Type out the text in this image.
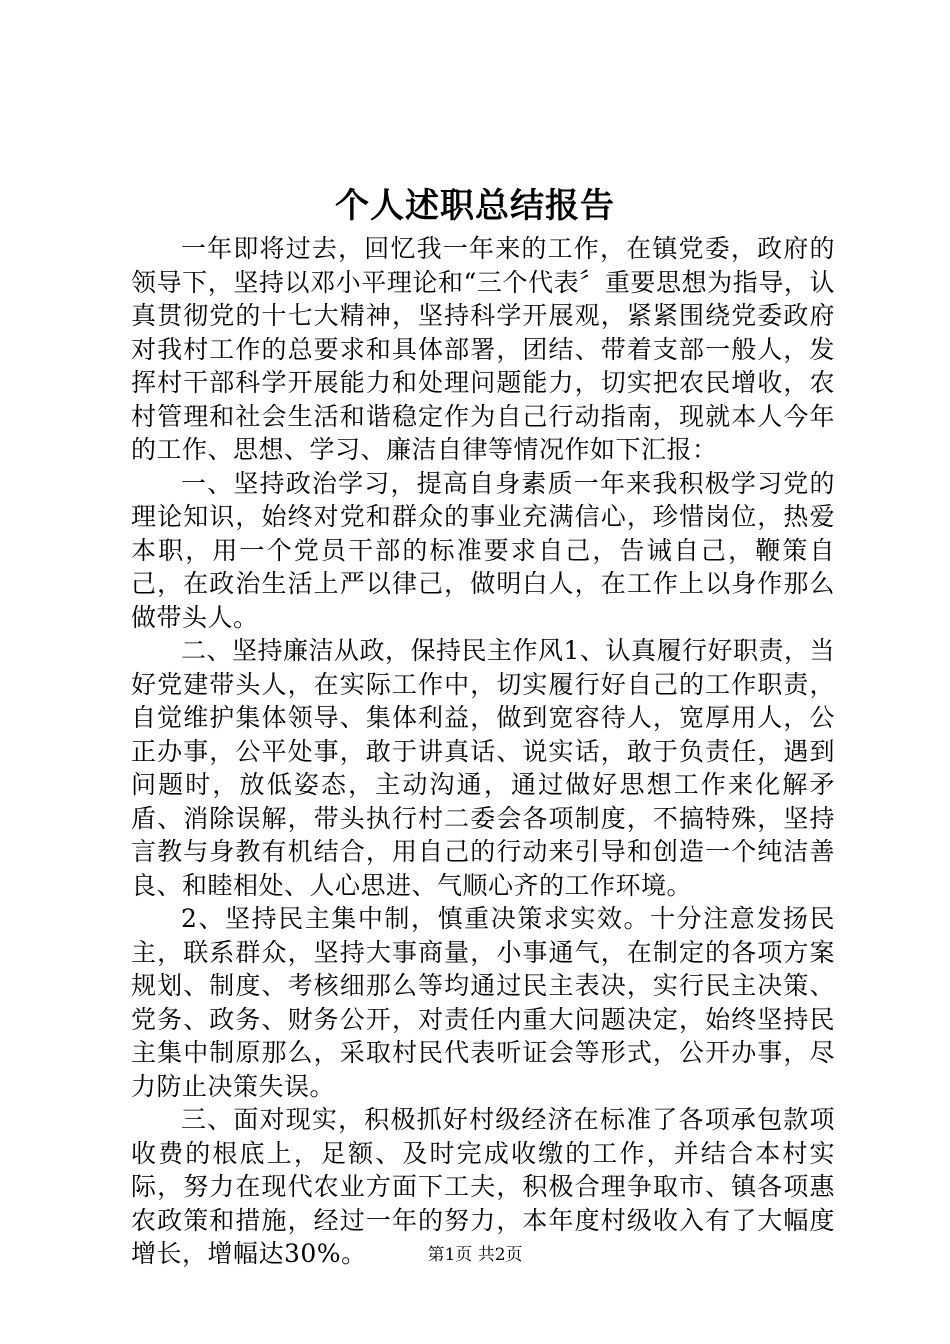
个人述职总结报告

一年即将过去，回忆我一年来的工作，在镇党委，政府的领导下，坚持以邓小平理论和“三个代表〞重要思想为指导，认真贯彻党的十七大精神，坚持科学开展观，紧紧围绕党委政府对我村工作的总要求和具体部署，团结、带着支部一般人，发挥村干部科学开展能力和处理问题能力，切实把农民增收，农村管理和社会生活和谐稳定作为自己行动指南，现就本人今年的工作、思想、学习、廉洁自律等情况作如下汇报：

一、坚持政治学习，提高自身素质一年来我积极学习党的理论知识，始终对党和群众的事业充满信心，珍惜岗位，热爱本职，用一个党员干部的标准要求自己，告诫自己，鞭策自己，在政治生活上严以律己，做明白人，在工作上以身作那么做带头人。

二、坚持廉洁从政，保持民主作风1、认真履行好职责，当好党建带头人，在实际工作中，切实履行好自己的工作职责，自觉维护集体领导、集体利益，做到宽容待人，宽厚用人，公正办事，公平处事，敢于讲真话、说实话，敢于负责任，遇到问题时，放低姿态，主动沟通，通过做好思想工作来化解矛盾、消除误解，带头执行村二委会各项制度，不搞特殊，坚持言教与身教有机结合，用自己的行动来引导和创造一个纯洁善良、和睦相处、人心思进、气顺心齐的工作环境。

2、坚持民主集中制，慎重决策求实效。十分注意发扬民主，联系群众，坚持大事商量，小事通气，在制定的各项方案规划、制度、考核细那么等均通过民主表决，实行民主决策、党务、政务、财务公开，对责任内重大问题决定，始终坚持民主集中制原那么，采取村民代表听证会等形式，公开办事，尽力防止决策失误。

三、面对现实，积极抓好村级经济在标准了各项承包款项收费的根底上，足额、及时完成收缴的工作，并结合本村实际，努力在现代农业方面下工夫，积极合理争取市、镇各项惠农政策和措施，经过一年的努力，本年度村级收入有了大幅度增长，增幅达30%。	第1页 共2页
